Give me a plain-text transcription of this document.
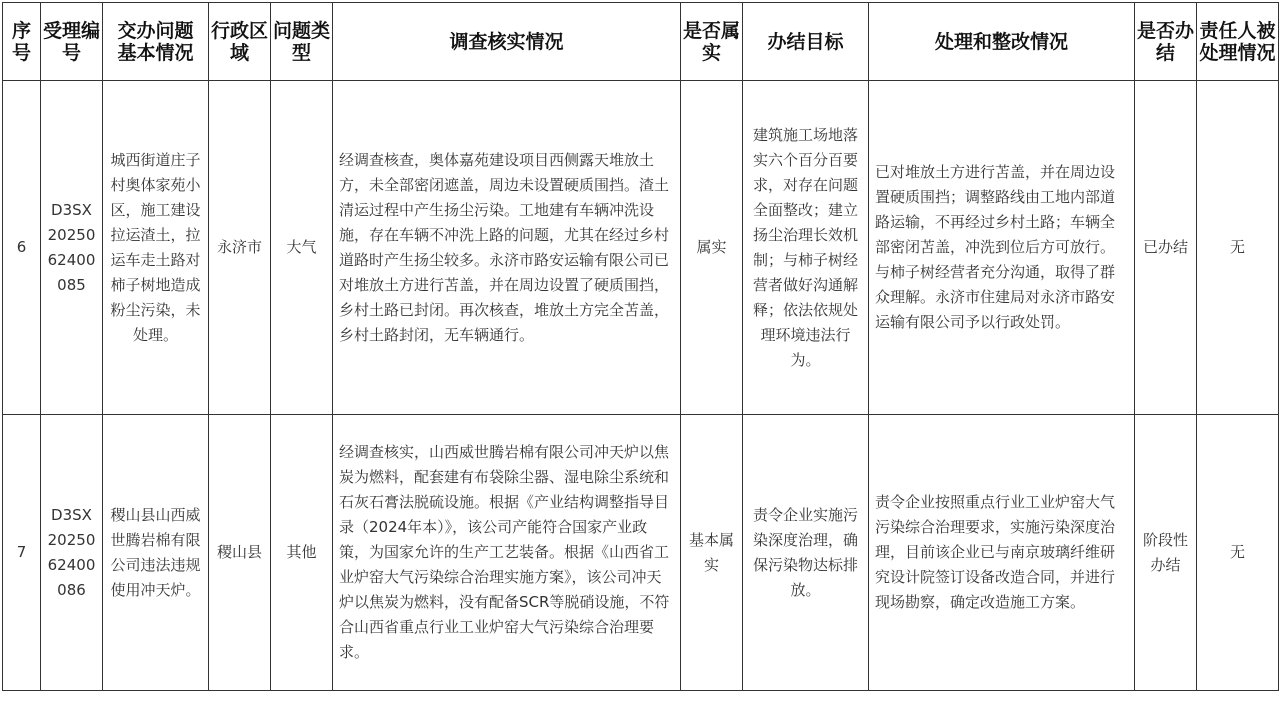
序号	受理编号	交办问题基本情况	行政区域	问题类型	调查核实情况	是否属实	办结目标	处理和整改情况	是否办结	责任人被处理情况
6	D3SX2025062400085	城西街道庄子村奥体家苑小区，施工建设拉运渣土，拉运车走土路对柿子树地造成粉尘污染，未处理。	永济市	大气	经调查核查，奥体嘉苑建设项目西侧露天堆放土方，未全部密闭遮盖，周边未设置硬质围挡。渣土清运过程中产生扬尘污染。工地建有车辆冲洗设施，存在车辆不冲洗上路的问题，尤其在经过乡村道路时产生扬尘较多。永济市路安运输有限公司已对堆放土方进行苫盖，并在周边设置了硬质围挡，乡村土路已封闭。再次核查，堆放土方完全苫盖，乡村土路封闭，无车辆通行。	属实	建筑施工场地落实六个百分百要求，对存在问题全面整改；建立扬尘治理长效机制；与柿子树经营者做好沟通解释；依法依规处理环境违法行为。	已对堆放土方进行苫盖，并在周边设置硬质围挡；调整路线由工地内部道路运输，不再经过乡村土路；车辆全部密闭苫盖，冲洗到位后方可放行。与柿子树经营者充分沟通，取得了群众理解。永济市住建局对永济市路安运输有限公司予以行政处罚。	已办结	无
7	D3SX2025062400086	稷山县山西威世腾岩棉有限公司违法违规使用冲天炉。	稷山县	其他	经调查核实，山西威世腾岩棉有限公司冲天炉以焦炭为燃料，配套建有布袋除尘器、湿电除尘系统和石灰石膏法脱硫设施。根据《产业结构调整指导目录（2024年本）》，该公司产能符合国家产业政策，为国家允许的生产工艺装备。根据《山西省工业炉窑大气污染综合治理实施方案》，该公司冲天炉以焦炭为燃料，没有配备SCR等脱硝设施，不符合山西省重点行业工业炉窑大气污染综合治理要求。	基本属实	责令企业实施污染深度治理，确保污染物达标排放。	责令企业按照重点行业工业炉窑大气污染综合治理要求，实施污染深度治理，目前该企业已与南京玻璃纤维研究设计院签订设备改造合同，并进行现场勘察，确定改造施工方案。	阶段性办结	无
